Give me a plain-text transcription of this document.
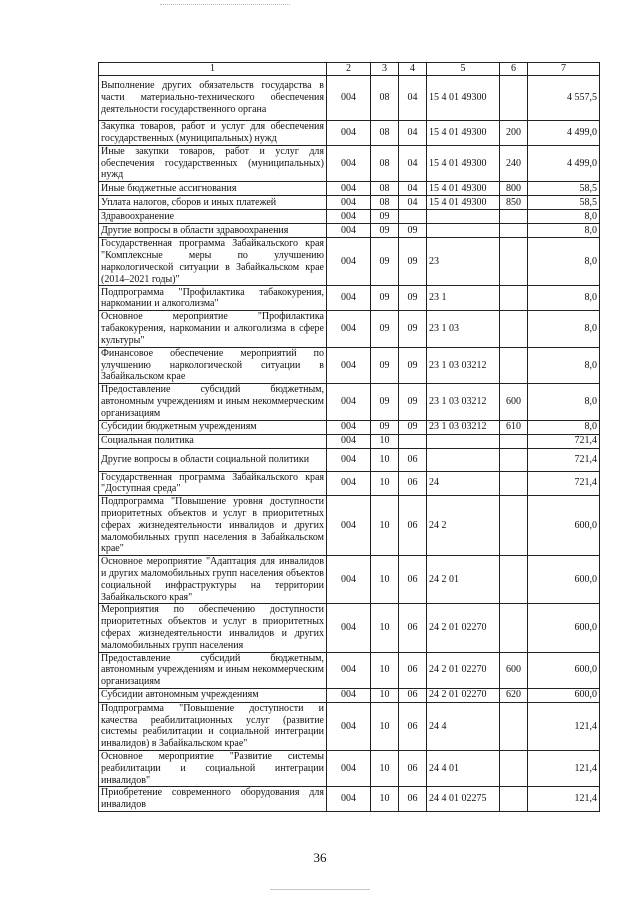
1	2	3	4	5	6	7
Выполнение других обязательств государства в части материально-технического обеспечения деятельности государственного органа	004	08	04	15 4 01 49300		4 557,5
Закупка товаров, работ и услуг для обеспечения государственных (муниципальных) нужд	004	08	04	15 4 01 49300	200	4 499,0
Иные закупки товаров, работ и услуг для обеспечения государственных (муниципальных) нужд	004	08	04	15 4 01 49300	240	4 499,0
Иные бюджетные ассигнования	004	08	04	15 4 01 49300	800	58,5
Уплата налогов, сборов и иных платежей	004	08	04	15 4 01 49300	850	58,5
Здравоохранение	004	09				8,0
Другие вопросы в области здравоохранения	004	09	09			8,0
Государственная программа Забайкальского края "Комплексные меры по улучшению наркологической ситуации в Забайкальском крае (2014–2021 годы)"	004	09	09	23		8,0
Подпрограмма "Профилактика табакокурения, наркомании и алкоголизма"	004	09	09	23 1		8,0
Основное мероприятие "Профилактика табакокурения, наркомании и алкоголизма в сфере культуры"	004	09	09	23 1 03		8,0
Финансовое обеспечение мероприятий по улучшению наркологической ситуации в Забайкальском крае	004	09	09	23 1 03 03212		8,0
Предоставление субсидий бюджетным, автономным учреждениям и иным некоммерческим организациям	004	09	09	23 1 03 03212	600	8,0
Субсидии бюджетным учреждениям	004	09	09	23 1 03 03212	610	8,0
Социальная политика	004	10				721,4
Другие вопросы в области социальной политики	004	10	06			721,4
Государственная программа Забайкальского края "Доступная среда"	004	10	06	24		721,4
Подпрограмма "Повышение уровня доступности приоритетных объектов и услуг в приоритетных сферах жизнедеятельности инвалидов и других маломобильных групп населения в Забайкальском крае"	004	10	06	24 2		600,0
Основное мероприятие "Адаптация для инвалидов и других маломобильных групп населения объектов социальной инфраструктуры на территории Забайкальского края"	004	10	06	24 2 01		600,0
Мероприятия по обеспечению доступности приоритетных объектов и услуг в приоритетных сферах жизнедеятельности инвалидов и других маломобильных групп населения	004	10	06	24 2 01 02270		600,0
Предоставление субсидий бюджетным, автономным учреждениям и иным некоммерческим организациям	004	10	06	24 2 01 02270	600	600,0
Субсидии автономным учреждениям	004	10	06	24 2 01 02270	620	600,0
Подпрограмма "Повышение доступности и качества реабилитационных услуг (развитие системы реабилитации и социальной интеграции инвалидов) в Забайкальском крае"	004	10	06	24 4		121,4
Основное мероприятие "Развитие системы реабилитации и социальной интеграции инвалидов"	004	10	06	24 4 01		121,4
Приобретение современного оборудования для инвалидов	004	10	06	24 4 01 02275		121,4
36
